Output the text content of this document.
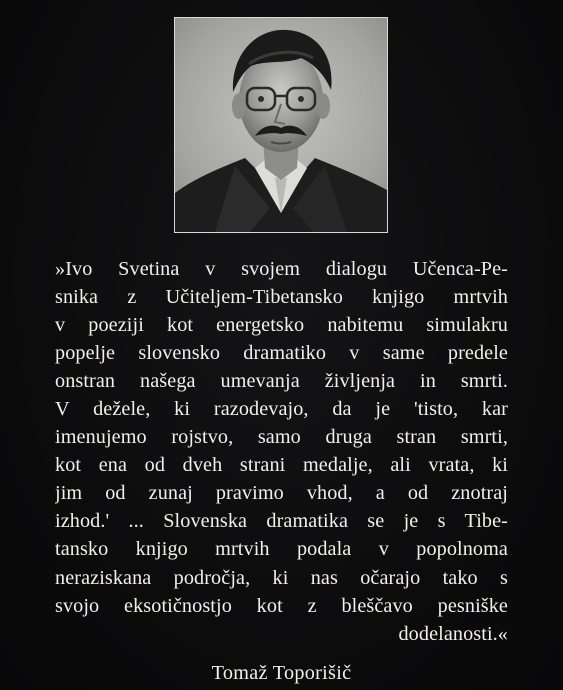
»Ivo Svetina v svojem dialogu Učenca-Pe-
snika z Učiteljem-Tibetansko knjigo mrtvih
v poeziji kot energetsko nabitemu simulakru
popelje slovensko dramatiko v same predele
onstran našega umevanja življenja in smrti.
V dežele, ki razodevajo, da je 'tisto, kar
imenujemo rojstvo, samo druga stran smrti,
kot ena od dveh strani medalje, ali vrata, ki
jim od zunaj pravimo vhod, a od znotraj
izhod.' ... Slovenska dramatika se je s Tibe-
tansko knjigo mrtvih podala v popolnoma
neraziskana področja, ki nas očarajo tako s
svojo eksotičnostjo kot z bleščavo pesniške
dodelanosti.«

Tomaž Toporišič
